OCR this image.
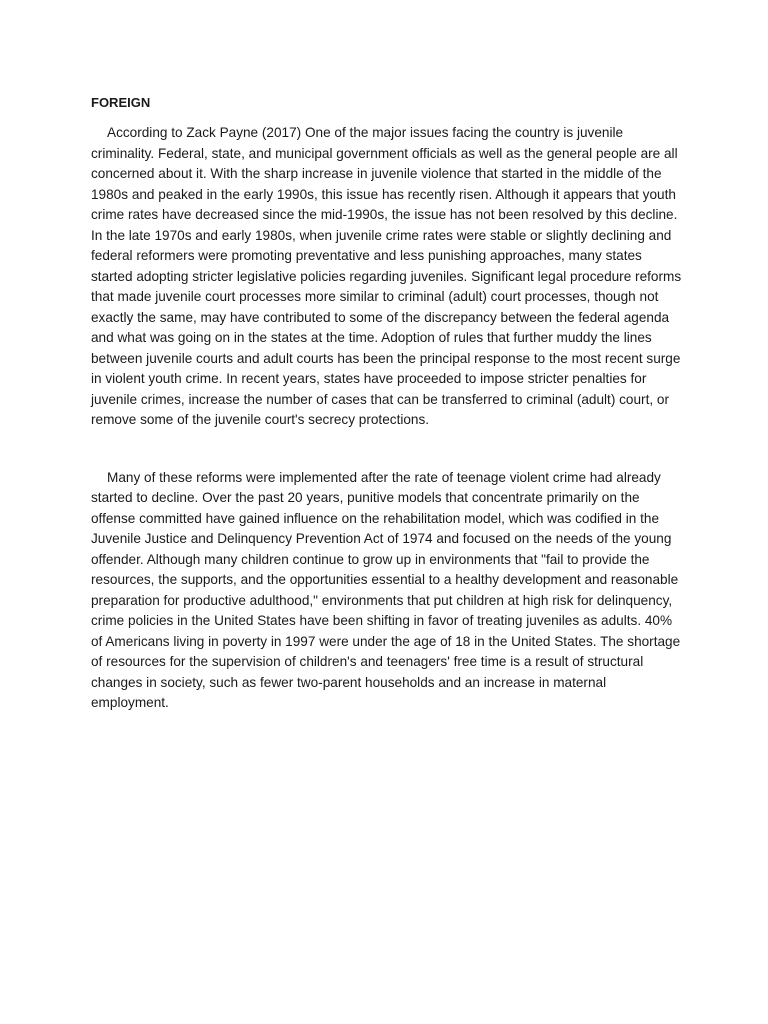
FOREIGN

According to Zack Payne (2017) One of the major issues facing the country is juvenile criminality. Federal, state, and municipal government officials as well as the general people are all concerned about it. With the sharp increase in juvenile violence that started in the middle of the 1980s and peaked in the early 1990s, this issue has recently risen. Although it appears that youth crime rates have decreased since the mid-1990s, the issue has not been resolved by this decline. In the late 1970s and early 1980s, when juvenile crime rates were stable or slightly declining and federal reformers were promoting preventative and less punishing approaches, many states started adopting stricter legislative policies regarding juveniles. Significant legal procedure reforms that made juvenile court processes more similar to criminal (adult) court processes, though not exactly the same, may have contributed to some of the discrepancy between the federal agenda and what was going on in the states at the time. Adoption of rules that further muddy the lines between juvenile courts and adult courts has been the principal response to the most recent surge in violent youth crime. In recent years, states have proceeded to impose stricter penalties for juvenile crimes, increase the number of cases that can be transferred to criminal (adult) court, or remove some of the juvenile court's secrecy protections.

Many of these reforms were implemented after the rate of teenage violent crime had already started to decline. Over the past 20 years, punitive models that concentrate primarily on the offense committed have gained influence on the rehabilitation model, which was codified in the Juvenile Justice and Delinquency Prevention Act of 1974 and focused on the needs of the young offender. Although many children continue to grow up in environments that "fail to provide the resources, the supports, and the opportunities essential to a healthy development and reasonable preparation for productive adulthood," environments that put children at high risk for delinquency, crime policies in the United States have been shifting in favor of treating juveniles as adults. 40% of Americans living in poverty in 1997 were under the age of 18 in the United States. The shortage of resources for the supervision of children's and teenagers' free time is a result of structural changes in society, such as fewer two-parent households and an increase in maternal employment.
